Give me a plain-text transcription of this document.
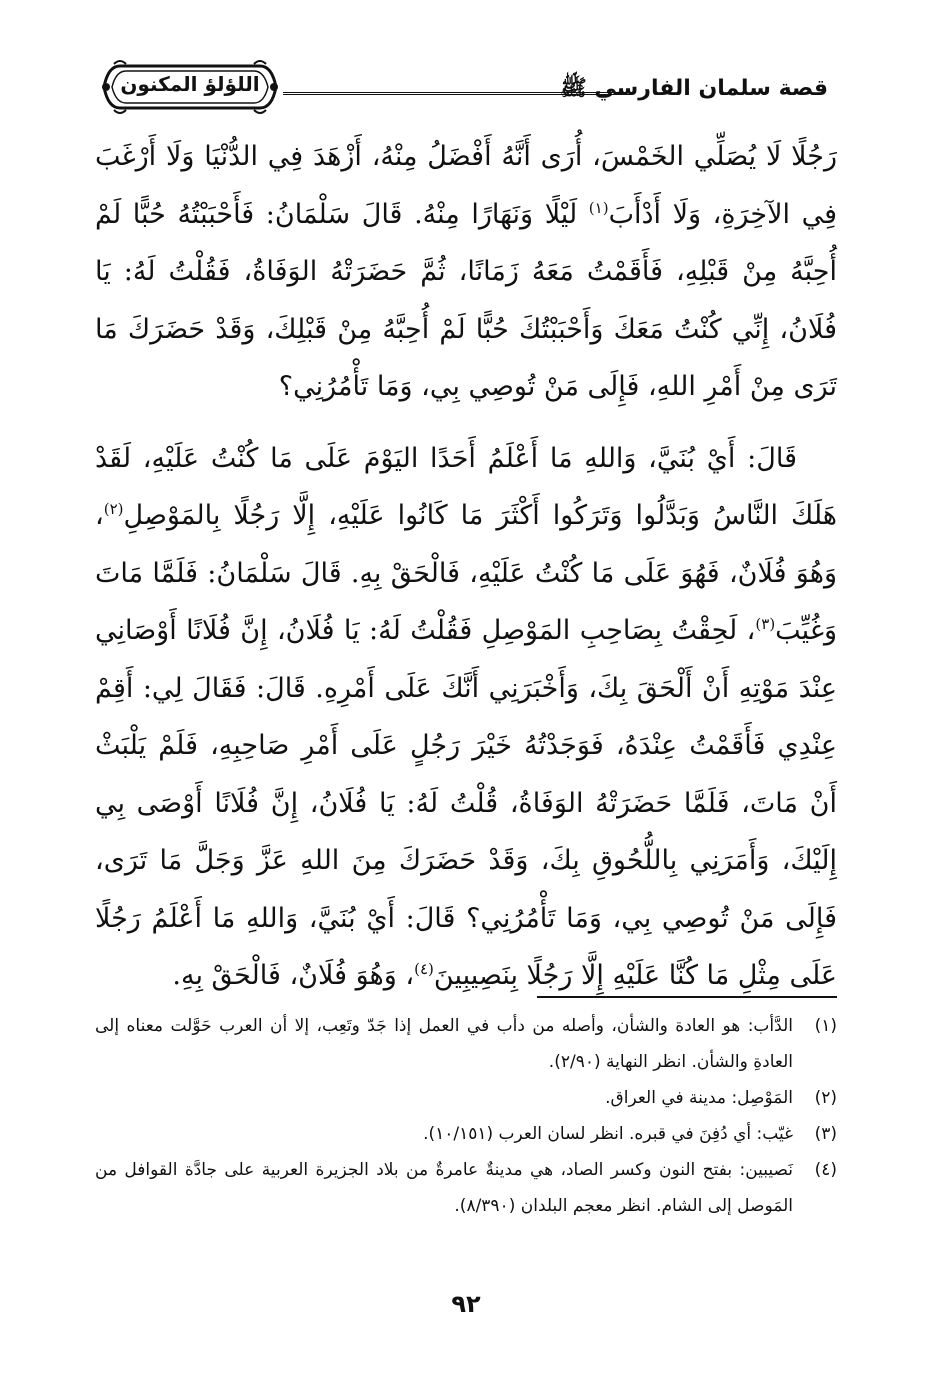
قصة سلمان الفارسي ﷺ
اللؤلؤ المكنون

رَجُلًا لَا يُصَلِّي الخَمْسَ، أُرَى أَنَّهُ أَفْضَلُ مِنْهُ، أَزْهَدَ فِي الدُّنْيَا وَلَا أَرْغَبَ فِي الآخِرَةِ، وَلَا أَدْأَبَ$^{(١)}$ لَيْلًا وَنَهَارًا مِنْهُ. قَالَ سَلْمَانُ: فَأَحْبَبْتُهُ حُبًّا لَمْ أُحِبَّهُ مِنْ قَبْلِهِ، فَأَقَمْتُ مَعَهُ زَمَانًا، ثُمَّ حَضَرَتْهُ الوَفَاةُ، فَقُلْتُ لَهُ: يَا فُلَانُ، إِنِّي كُنْتُ مَعَكَ وَأَحْبَبْتُكَ حُبًّا لَمْ أُحِبَّهُ مِنْ قَبْلِكَ، وَقَدْ حَضَرَكَ مَا تَرَى مِنْ أَمْرِ اللهِ، فَإِلَى مَنْ تُوصِي بِي، وَمَا تَأْمُرُنِي؟

قَالَ: أَيْ بُنَيَّ، وَاللهِ مَا أَعْلَمُ أَحَدًا اليَوْمَ عَلَى مَا كُنْتُ عَلَيْهِ، لَقَدْ هَلَكَ النَّاسُ وَبَدَّلُوا وَتَرَكُوا أَكْثَرَ مَا كَانُوا عَلَيْهِ، إِلَّا رَجُلًا بِالمَوْصِلِ$^{(٢)}$، وَهُوَ فُلَانٌ، فَهُوَ عَلَى مَا كُنْتُ عَلَيْهِ، فَالْحَقْ بِهِ. قَالَ سَلْمَانُ: فَلَمَّا مَاتَ وَغُيِّبَ$^{(٣)}$، لَحِقْتُ بِصَاحِبِ المَوْصِلِ فَقُلْتُ لَهُ: يَا فُلَانُ، إِنَّ فُلَانًا أَوْصَانِي عِنْدَ مَوْتِهِ أَنْ أَلْحَقَ بِكَ، وَأَخْبَرَنِي أَنَّكَ عَلَى أَمْرِهِ. قَالَ: فَقَالَ لِي: أَقِمْ عِنْدِي فَأَقَمْتُ عِنْدَهُ، فَوَجَدْتُهُ خَيْرَ رَجُلٍ عَلَى أَمْرِ صَاحِبِهِ، فَلَمْ يَلْبَثْ أَنْ مَاتَ، فَلَمَّا حَضَرَتْهُ الوَفَاةُ، قُلْتُ لَهُ: يَا فُلَانُ، إِنَّ فُلَانًا أَوْصَى بِي إِلَيْكَ، وَأَمَرَنِي بِاللُّحُوقِ بِكَ، وَقَدْ حَضَرَكَ مِنَ اللهِ عَزَّ وَجَلَّ مَا تَرَى، فَإِلَى مَنْ تُوصِي بِي، وَمَا تَأْمُرُنِي؟ قَالَ: أَيْ بُنَيَّ، وَاللهِ مَا أَعْلَمُ رَجُلًا عَلَى مِثْلِ مَا كُنَّا عَلَيْهِ إِلَّا رَجُلًا بِنَصِيبِينَ$^{(٤)}$، وَهُوَ فُلَانٌ، فَالْحَقْ بِهِ.

(١)
الدَّأب: هو العادة والشأن، وأصله من دأب في العمل إذا جَدّ وتَعِب، إلا أن العرب حَوَّلت معناه إلى العادةِ والشأن. انظر النهاية (٢/٩٠).
(٢)
المَوْصِل: مدينة في العراق.
(٣)
غيّب: أي دُفِنَ في قبره. انظر لسان العرب (١٠/١٥١).
(٤)
نَصيبين: بفتح النون وكسر الصاد، هي مدينةٌ عامرةٌ من بلاد الجزيرة العربية على جادَّة القوافل من المَوصل إلى الشام. انظر معجم البلدان (٨/٣٩٠).
٩٢
